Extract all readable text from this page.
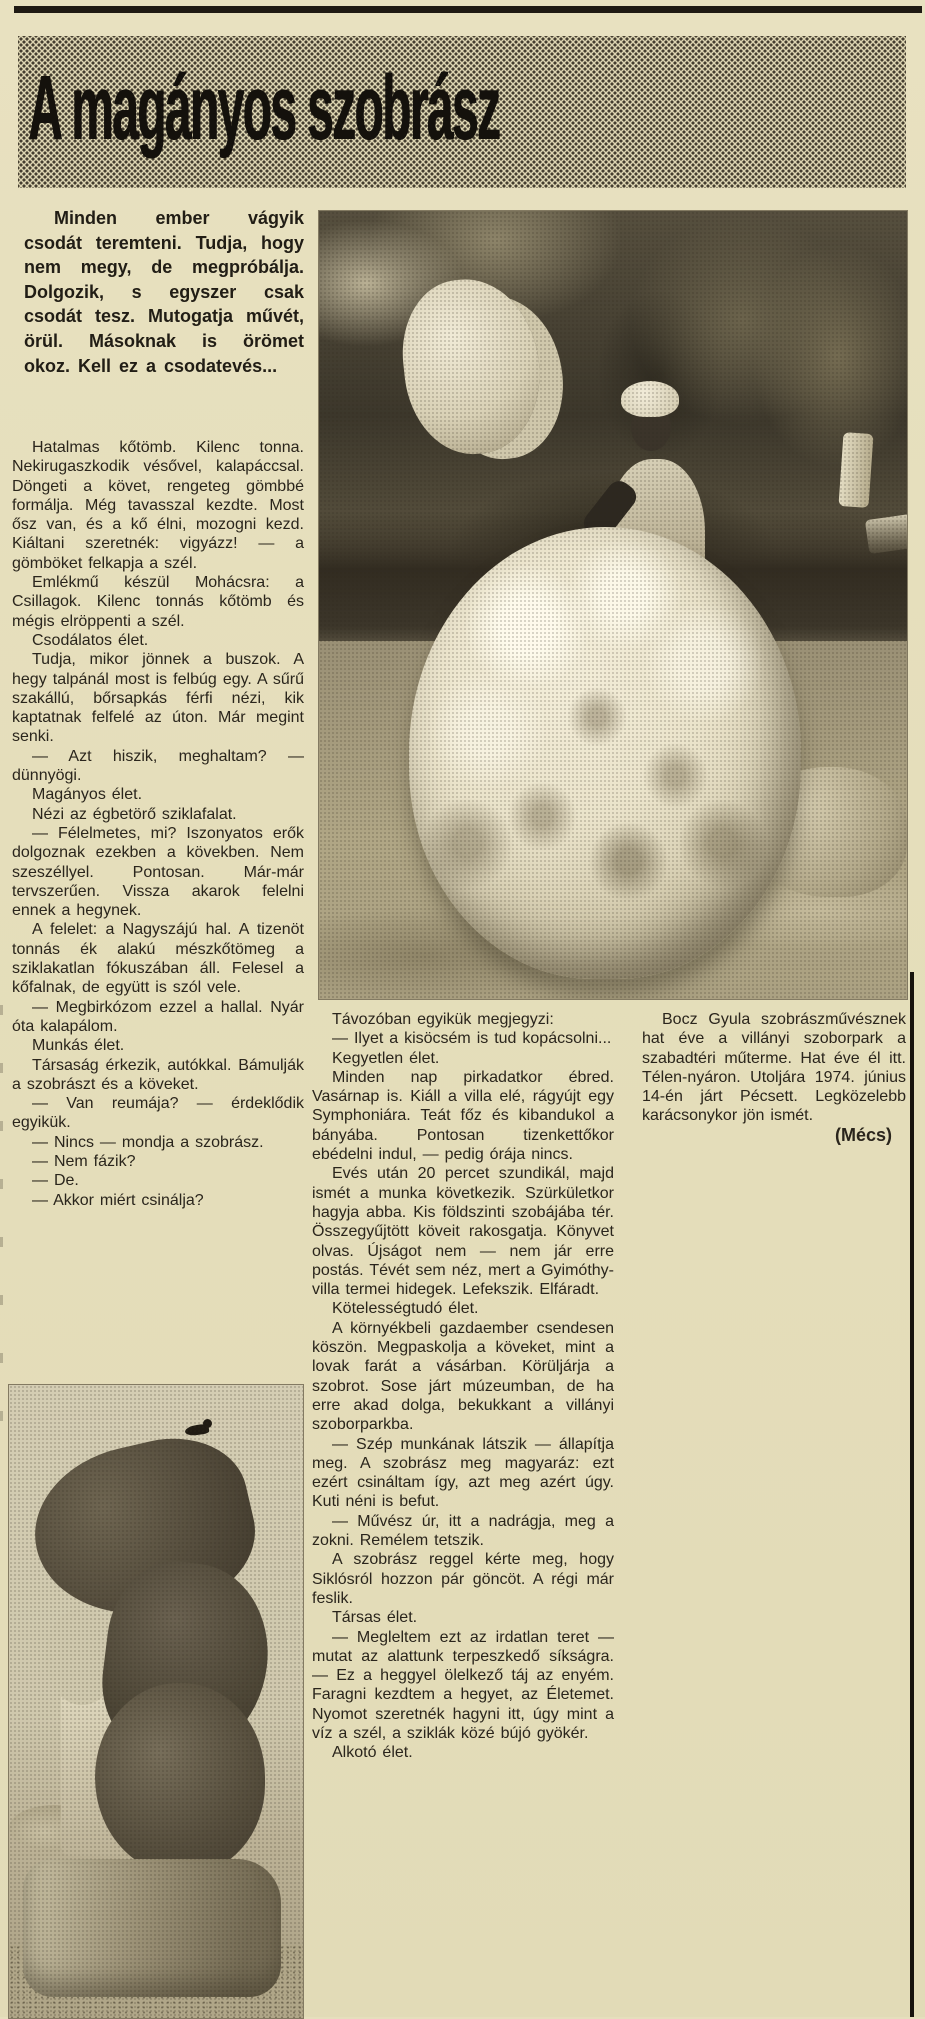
A magányos szobrász

Minden ember vágyik csodát teremteni. Tudja, hogy nem megy, de megpróbálja. Dolgozik, s egyszer csak csodát tesz. Mutogatja művét, örül. Másoknak is örömet okoz. Kell ez a csodatevés...

Hatalmas kőtömb. Kilenc tonna. Nekirugaszkodik vésővel, kalapáccsal. Döngeti a követ, rengeteg gömbbé formálja. Még tavasszal kezdte. Most ősz van, és a kő élni, mozogni kezd. Kiáltani szeretnék: vigyázz! — a gömböket felkapja a szél.

Emlékmű készül Mohácsra: a Csillagok. Kilenc tonnás kőtömb és mégis elröppenti a szél.

Csodálatos élet.

Tudja, mikor jönnek a buszok. A hegy talpánál most is felbúg egy. A sűrű szakállú, bőrsapkás férfi nézi, kik kaptatnak felfelé az úton. Már megint senki.

— Azt hiszik, meghaltam? — dünnyögi.

Magányos élet.

Nézi az égbetörő sziklafalat.

— Félelmetes, mi? Iszonyatos erők dolgoznak ezekben a kövekben. Nem szeszéllyel. Pontosan. Már-már tervszerűen. Vissza akarok felelni ennek a hegynek.

A felelet: a Nagyszájú hal. A tizenöt tonnás ék alakú mészkőtömeg a sziklakatlan fókuszában áll. Felesel a kőfalnak, de együtt is szól vele.

— Megbirkózom ezzel a hallal. Nyár óta kalapálom.

Munkás élet.

Társaság érkezik, autókkal. Bámulják a szobrászt és a köveket.

— Van reumája? — érdeklődik egyikük.

— Nincs — mondja a szobrász.

— Nem fázik?

— De.

— Akkor miért csinálja?

Távozóban egyikük megjegyzi:

— Ilyet a kisöcsém is tud kopácsolni...

Kegyetlen élet.

Minden nap pirkadatkor ébred. Vasárnap is. Kiáll a villa elé, rágyújt egy Symphoniára. Teát főz és kibandukol a bányába. Pontosan tizenkettőkor ebédelni indul, — pedig órája nincs.

Evés után 20 percet szundikál, majd ismét a munka következik. Szürkületkor hagyja abba. Kis földszinti szobájába tér. Összegyűjtött köveit rakosgatja. Könyvet olvas. Újságot nem — nem jár erre postás. Tévét sem néz, mert a Gyimóthy-villa termei hidegek. Lefekszik. Elfáradt.

Kötelességtudó élet.

A környékbeli gazdaember csendesen köszön. Megpaskolja a köveket, mint a lovak farát a vásárban. Körüljárja a szobrot. Sose járt múzeumban, de ha erre akad dolga, bekukkant a villányi szoborparkba.

— Szép munkának látszik — állapítja meg. A szobrász meg magyaráz: ezt ezért csináltam így, azt meg azért úgy. Kuti néni is befut.

— Művész úr, itt a nadrágja, meg a zokni. Remélem tetszik.

A szobrász reggel kérte meg, hogy Siklósról hozzon pár göncöt. A régi már feslik.

Társas élet.

— Megleltem ezt az irdatlan teret — mutat az alattunk terpeszkedő síkságra. — Ez a heggyel ölelkező táj az enyém. Faragni kezdtem a hegyet, az Életemet. Nyomot szeretnék hagyni itt, úgy mint a víz a szél, a sziklák közé bújó gyökér.

Alkotó élet.

Bocz Gyula szobrászművésznek hat éve a villányi szoborpark a szabadtéri műterme. Hat éve él itt. Télen-nyáron. Utoljára 1974. június 14-én járt Pécsett. Legközelebb karácsonykor jön ismét.

(Mécs)
